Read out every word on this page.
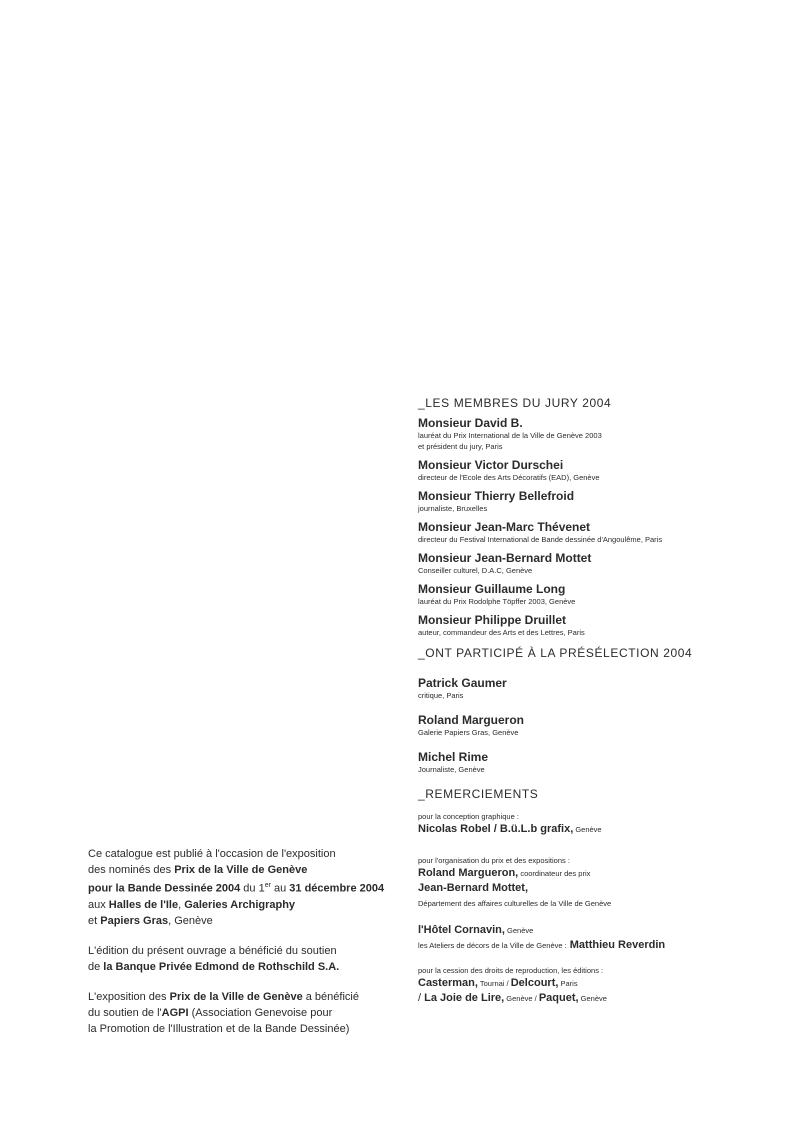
_LES MEMBRES DU JURY 2004
Monsieur David B.
lauréat du Prix International de la Ville de Genève 2003
et président du jury, Paris
Monsieur Victor Durschei
directeur de l'Ecole des Arts Décoratifs (EAD), Genève
Monsieur Thierry Bellefroid
journaliste, Bruxelles
Monsieur Jean-Marc Thévenet
directeur du Festival International de Bande dessinée d'Angoulême, Paris
Monsieur Jean-Bernard Mottet
Conseiller culturel, D.A.C, Genève
Monsieur Guillaume Long
lauréat du Prix Rodolphe Töpffer 2003, Genève
Monsieur Philippe Druillet
auteur, commandeur des Arts et des Lettres, Paris
_ONT PARTICIPÉ À LA PRÉSÉLECTION 2004
Patrick Gaumer
critique, Paris
Roland Margueron
Galerie Papiers Gras, Genève
Michel Rime
Journaliste, Genève
_REMERCIEMENTS
pour la conception graphique :
Nicolas Robel / B.ü.L.b grafix, Genève
pour l'organisation du prix et des expositions :
Roland Margueron, coordinateur des prix
Jean-Bernard Mottet,
Département des affaires culturelles de la Ville de Genève
l'Hôtel Cornavin, Genève
les Ateliers de décors de la Ville de Genève : Matthieu Reverdin
pour la cession des droits de reproduction, les éditions :
Casterman, Tournai / Delcourt, Paris
/ La Joie de Lire, Genève / Paquet, Genève

Ce catalogue est publié à l'occasion de l'exposition
des nominés des Prix de la Ville de Genève
pour la Bande Dessinée 2004 du 1er au 31 décembre 2004
aux Halles de l'Ile, Galeries Archigraphy
et Papiers Gras, Genève

L'édition du présent ouvrage a bénéficié du soutien
de la Banque Privée Edmond de Rothschild S.A.

L'exposition des Prix de la Ville de Genève a bénéficié
du soutien de l'AGPI (Association Genevoise pour
la Promotion de l'Illustration et de la Bande Dessinée)
